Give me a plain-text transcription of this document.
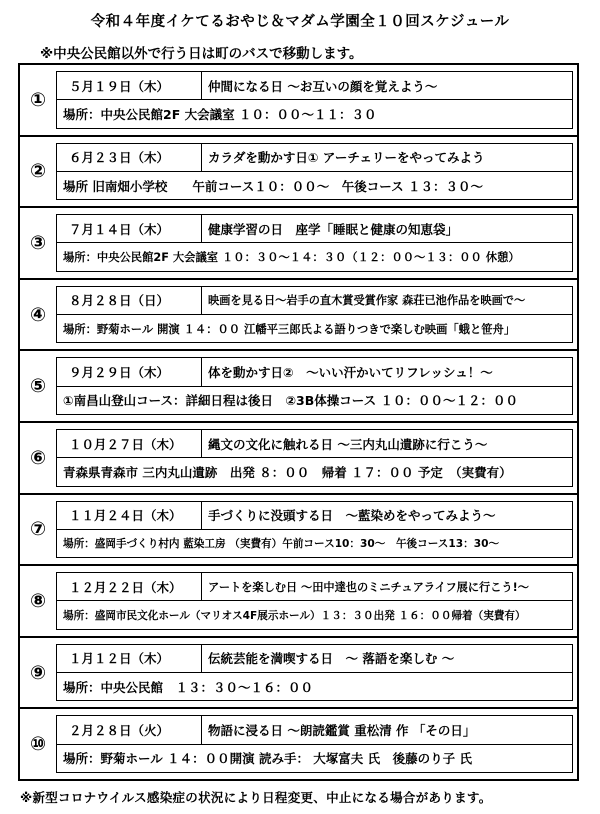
令和４年度イケてるおやじ＆マダム学園全１０回スケジュール
※中央公民館以外で行う日は町のバスで移動します。
①
５月１９日（木）	仲間になる日 ～お互いの顔を覚えよう～
場所：中央公民館2F 大会議室 １０：００～１１：３０
②
６月２３日（木）	カラダを動かす日① アーチェリーをやってみよう
場所 旧南畑小学校　　午前コース１０：００～　午後コース １３：３０～
③
７月１４日（木）	健康学習の日　座学「睡眠と健康の知恵袋」
場所：中央公民館2F 大会議室 １０：３０～１４：３０（１２：００～１３：００ 休憩）
④
８月２８日（日）	映画を見る日～岩手の直木賞受賞作家 森荘已池作品を映画で～
場所：野菊ホール 開演 １４：００ 江幡平三郎氏よる語りつきで楽しむ映画「蛾と笹舟」
⑤
９月２９日（木）	体を動かす日②　～いい汗かいてリフレッシュ！～
①南昌山登山コース：詳細日程は後日　②3B体操コース １０：００～１２：００
⑥
１０月２７日（木）	縄文の文化に触れる日 ～三内丸山遺跡に行こう～
青森県青森市 三内丸山遺跡　出発 ８：００　帰着 １７：００ 予定　（実費有）
⑦
１１月２４日（木）	手づくりに没頭する日　～藍染めをやってみよう～
場所：盛岡手づくり村内 藍染工房 （実費有）午前コース10：30～　午後コース13：30～
⑧
１２月２２日（木）	アートを楽しむ日 ～田中達也のミニチュアライフ展に行こう!～
場所：盛岡市民文化ホール（マリオス4F展示ホール）１３：３０出発 １６：００帰着（実費有）
⑨
１月１２日（木）	伝統芸能を満喫する日　～ 落語を楽しむ ～
場所：中央公民館　１３：３０～１６：００
⑩
２月２８日（火）	物語に浸る日 ～朗読鑑賞 重松清 作 「その日」
場所：野菊ホール １４：００開演 読み手： 大塚富夫 氏　後藤のり子 氏
※新型コロナウイルス感染症の状況により日程変更、中止になる場合があります。
